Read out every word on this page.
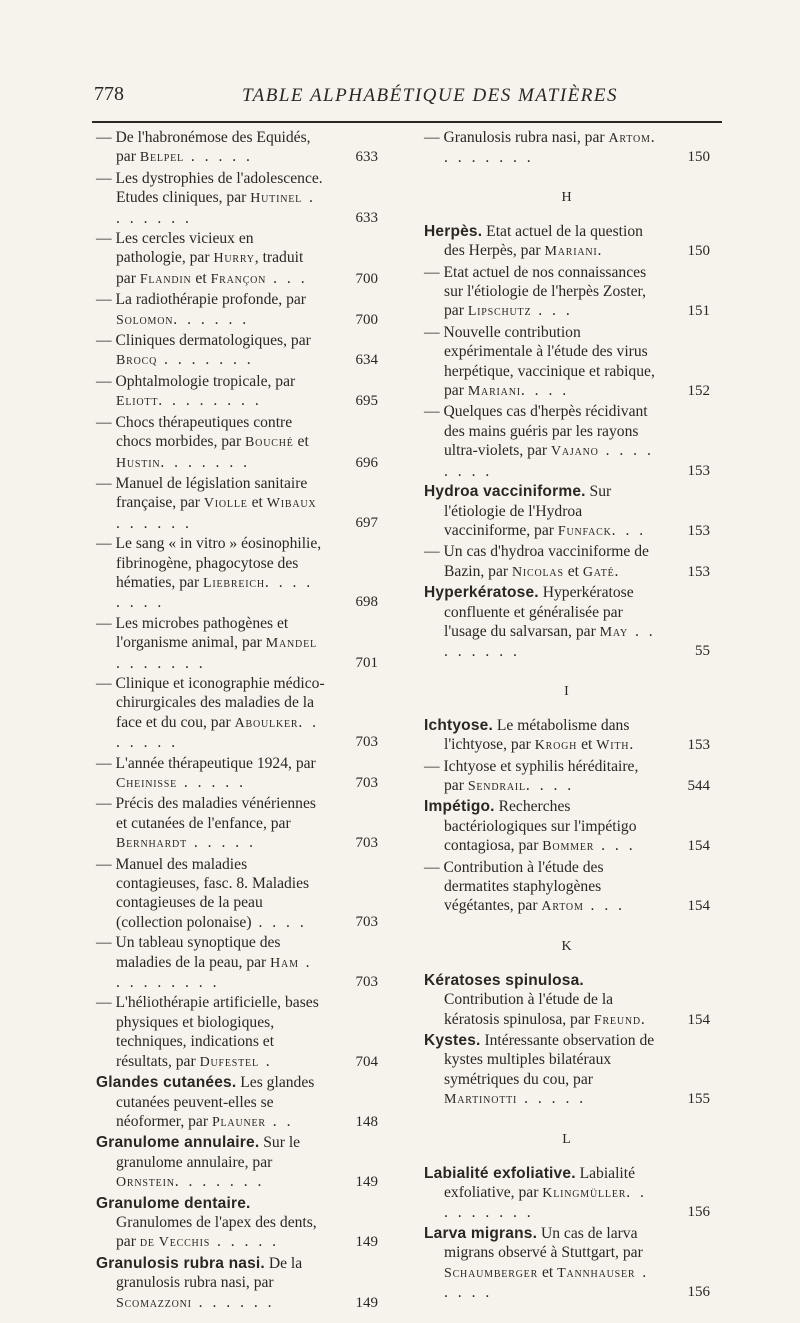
778	TABLE ALPHABÉTIQUE DES MATIÈRES
— De l'habronémose des Equidés, par Belpel . . . . .	633
— Les dystrophies de l'adolescence. Etudes cliniques, par Hutinel . . . . . . .	633
— Les cercles vicieux en pathologie, par Hurry, traduit par Flandin et Françon . . .	700
— La radiothérapie profonde, par Solomon. . . . . .	700
— Cliniques dermatologiques, par Brocq . . . . . . .	634
— Ophtalmologie tropicale, par Eliott. . . . . . . .	695
— Chocs thérapeutiques contre chocs morbides, par Bouché et Hustin. . . . . . .	696
— Manuel de législation sanitaire française, par Violle et Wibaux . . . . . .	697
— Le sang « in vitro » éosinophilie, fibrinogène, phagocytose des hématies, par Liebreich. . . . . . . .	698
— Les microbes pathogènes et l'organisme animal, par Mandel . . . . . . .	701
— Clinique et iconographie médico-chirurgicales des maladies de la face et du cou, par Aboulker. . . . . . .	703
— L'année thérapeutique 1924, par Cheinisse . . . . .	703
— Précis des maladies vénériennes et cutanées de l'enfance, par Bernhardt . . . . .	703
— Manuel des maladies contagieuses, fasc. 8. Maladies contagieuses de la peau (collection polonaise) . . . .	703
— Un tableau synoptique des maladies de la peau, par Ham . . . . . . . . .	703
— L'héliothérapie artificielle, bases physiques et biologiques, techniques, indications et résultats, par Dufestel .	704
Glandes cutanées. Les glandes cutanées peuvent-elles se néoformer, par Plauner . .	148
Granulome annulaire. Sur le granulome annulaire, par Ornstein. . . . . . .	149
Granulome dentaire. Granulomes de l'apex des dents, par de Vecchis . . . . .	149
Granulosis rubra nasi. De la granulosis rubra nasi, par Scomazzoni . . . . . .	149
— Granulosis rubra nasi, par Artom. . . . . . . .	150
H
Herpès. Etat actuel de la question des Herpès, par Mariani.	150
— Etat actuel de nos connaissances sur l'étiologie de l'herpès Zoster, par Lipschutz . . .	151
— Nouvelle contribution expérimentale à l'étude des virus herpétique, vaccinique et rabique, par Mariani. . . .	152
— Quelques cas d'herpès récidivant des mains guéris par les rayons ultra-violets, par Vajano . . . . . . . .	153
Hydroa vacciniforme. Sur l'étiologie de l'Hydroa vacciniforme, par Funfack. . .	153
— Un cas d'hydroa vacciniforme de Bazin, par Nicolas et Gaté.	153
Hyperkératose. Hyperkératose confluente et généralisée par l'usage du salvarsan, par May . . . . . . . .	55
I
Ichtyose. Le métabolisme dans l'ichtyose, par Krogh et With.	153
— Ichtyose et syphilis héréditaire, par Sendrail. . . .	544
Impétigo. Recherches bactériologiques sur l'impétigo contagiosa, par Bommer . . .	154
— Contribution à l'étude des dermatites staphylogènes végétantes, par Artom . . .	154
K
Kératoses spinulosa. Contribution à l'étude de la kératosis spinulosa, par Freund.	154
Kystes. Intéressante observation de kystes multiples bilatéraux symétriques du cou, par Martinotti . . . . .	155
L
Labialité exfoliative. Labialité exfoliative, par Klingmüller. . . . . . . . .	156
Larva migrans. Un cas de larva migrans observé à Stuttgart, par Schaumberger et Tannhauser . . . . .	156
